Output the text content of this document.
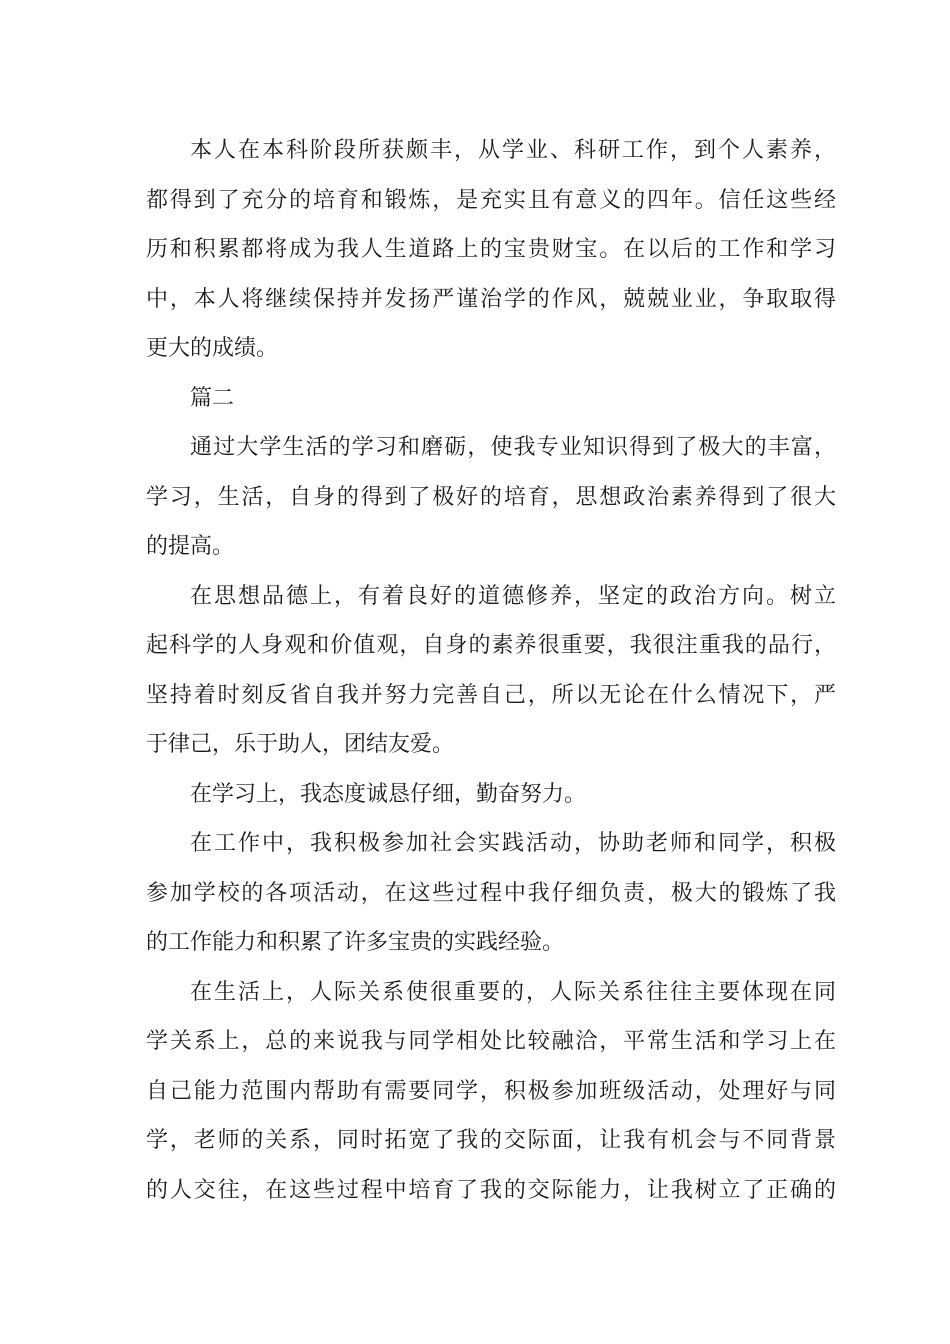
本人在本科阶段所获颇丰，从学业、科研工作，到个人素养，
都得到了充分的培育和锻炼，是充实且有意义的四年。信任这些经
历和积累都将成为我人生道路上的宝贵财宝。在以后的工作和学习
中，本人将继续保持并发扬严谨治学的作风，兢兢业业，争取取得
更大的成绩。
篇二
通过大学生活的学习和磨砺，使我专业知识得到了极大的丰富，
学习，生活，自身的得到了极好的培育，思想政治素养得到了很大
的提高。
在思想品德上，有着良好的道德修养，坚定的政治方向。树立
起科学的人身观和价值观，自身的素养很重要，我很注重我的品行，
坚持着时刻反省自我并努力完善自己，所以无论在什么情况下，严
于律己，乐于助人，团结友爱。
在学习上，我态度诚恳仔细，勤奋努力。
在工作中，我积极参加社会实践活动，协助老师和同学，积极
参加学校的各项活动，在这些过程中我仔细负责，极大的锻炼了我
的工作能力和积累了许多宝贵的实践经验。
在生活上，人际关系使很重要的，人际关系往往主要体现在同
学关系上，总的来说我与同学相处比较融洽，平常生活和学习上在
自己能力范围内帮助有需要同学，积极参加班级活动，处理好与同
学，老师的关系，同时拓宽了我的交际面，让我有机会与不同背景
的人交往，在这些过程中培育了我的交际能力，让我树立了正确的
